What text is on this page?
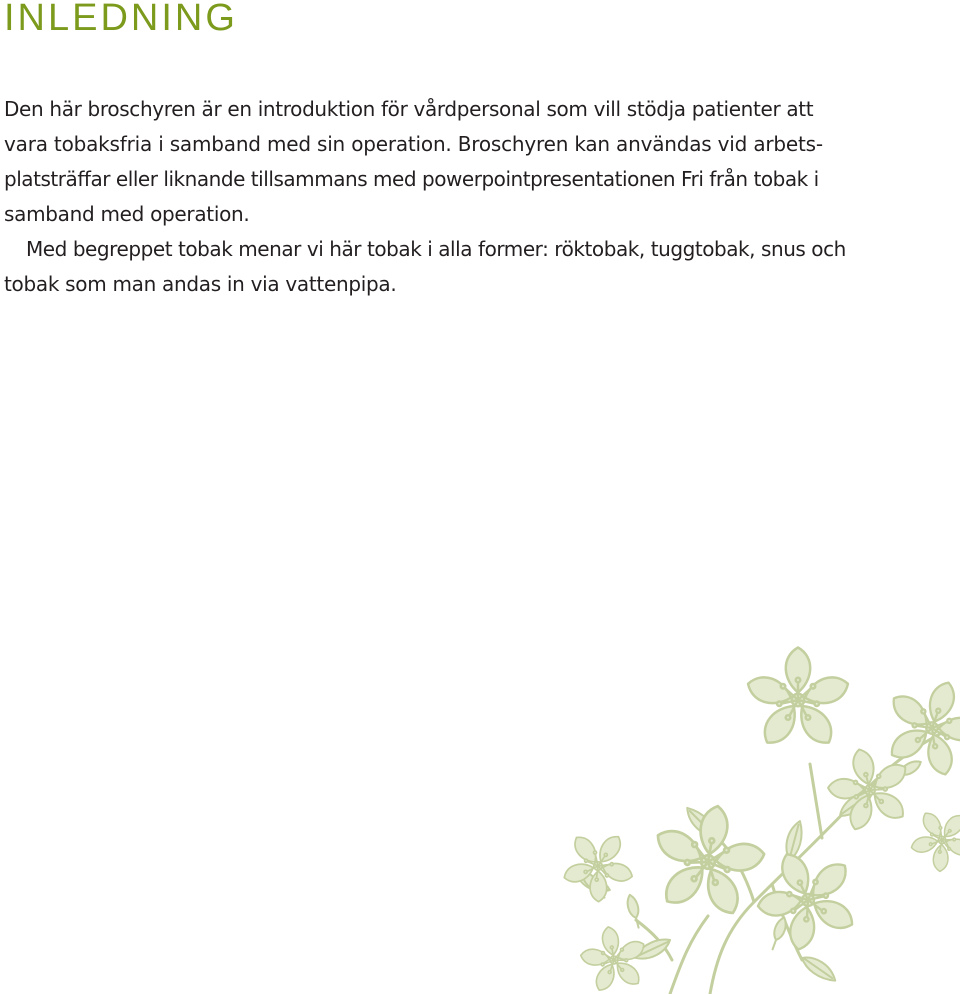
INLEDNING

Den här broschyren är en introduktion för vårdpersonal som vill stödja patienter att
vara tobaksfria i samband med sin operation. Broschyren kan användas vid arbets-
platsträffar eller liknande tillsammans med powerpointpresentationen Fri från tobak i
samband med operation.

Med begreppet tobak menar vi här tobak i alla former: röktobak, tuggtobak, snus och
tobak som man andas in via vattenpipa.
